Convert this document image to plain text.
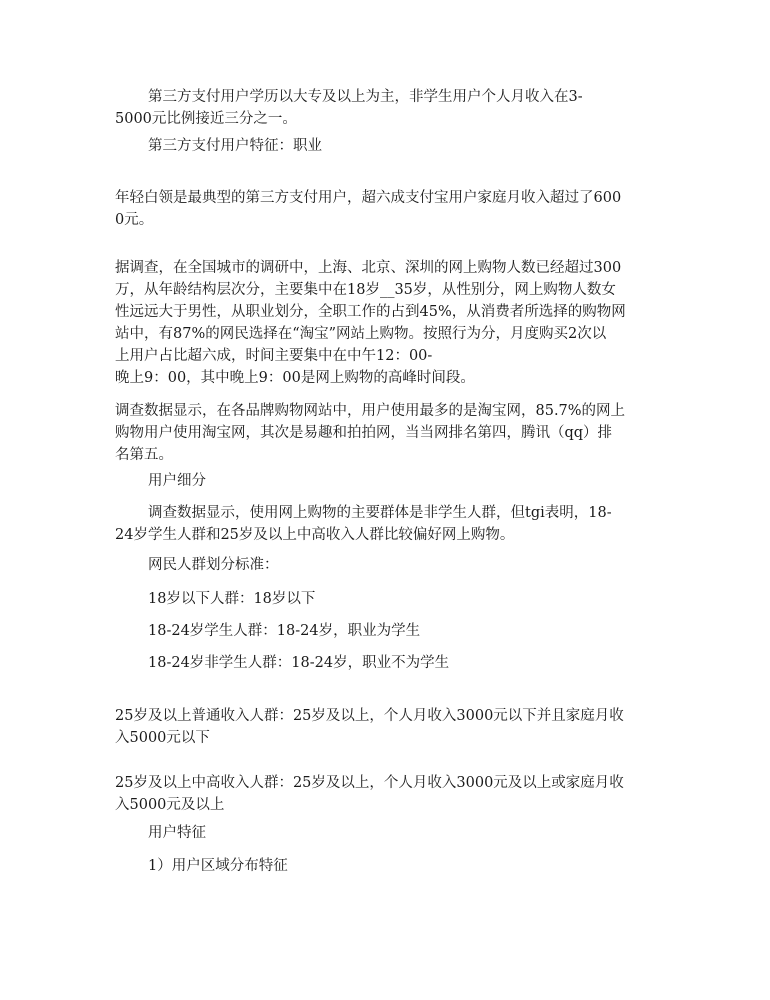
第三方支付用户学历以大专及以上为主，非学生用户个人月收入在3-
5000元比例接近三分之一。

第三方支付用户特征：职业

年轻白领是最典型的第三方支付用户，超六成支付宝用户家庭月收入超过了600
0元。

据调查，在全国城市的调研中，上海、北京、深圳的网上购物人数已经超过300
万，从年龄结构层次分，主要集中在18岁__35岁，从性别分，网上购物人数女
性远远大于男性，从职业划分，全职工作的占到45%，从消费者所选择的购物网
站中，有87%的网民选择在“淘宝”网站上购物。按照行为分，月度购买2次以
上用户占比超六成，时间主要集中在中午12：00-
晚上9：00，其中晚上9：00是网上购物的高峰时间段。

调查数据显示，在各品牌购物网站中，用户使用最多的是淘宝网，85.7%的网上
购物用户使用淘宝网，其次是易趣和拍拍网，当当网排名第四，腾讯（qq）排
名第五。

用户细分

调查数据显示，使用网上购物的主要群体是非学生人群，但tgi表明，18-
24岁学生人群和25岁及以上中高收入人群比较偏好网上购物。

网民人群划分标准：

18岁以下人群：18岁以下

18-24岁学生人群：18-24岁，职业为学生

18-24岁非学生人群：18-24岁，职业不为学生

25岁及以上普通收入人群：25岁及以上，个人月收入3000元以下并且家庭月收
入5000元以下

25岁及以上中高收入人群：25岁及以上，个人月收入3000元及以上或家庭月收
入5000元及以上

用户特征

1）用户区域分布特征
